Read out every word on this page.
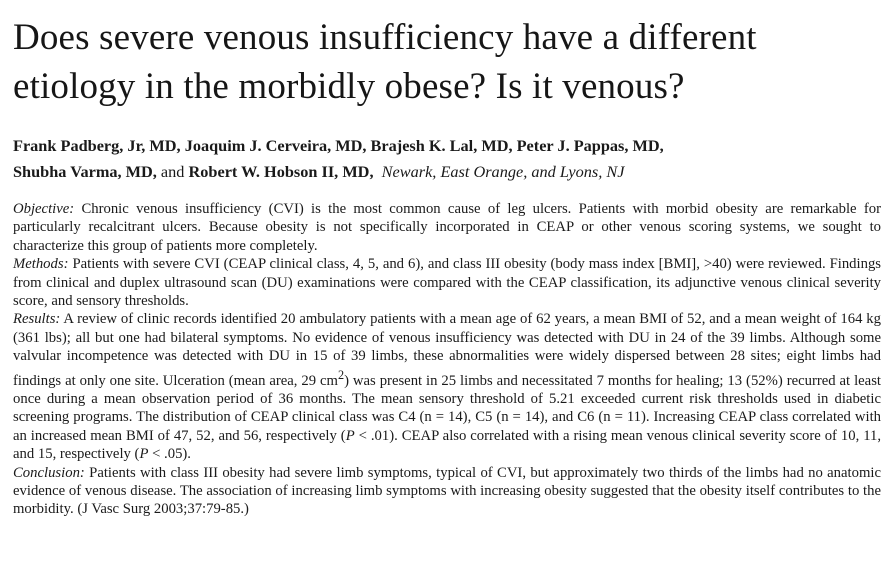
Does severe venous insufficiency have a different
etiology in the morbidly obese? Is it venous?
Frank Padberg, Jr, MD, Joaquim J. Cerveira, MD, Brajesh K. Lal, MD, Peter J. Pappas, MD,
Shubha Varma, MD, and Robert W. Hobson II, MD, Newark, East Orange, and Lyons, NJ

Objective: Chronic venous insufficiency (CVI) is the most common cause of leg ulcers. Patients with morbid obesity are remarkable for particularly recalcitrant ulcers. Because obesity is not specifically incorporated in CEAP or other venous scoring systems, we sought to characterize this group of patients more completely.

Methods: Patients with severe CVI (CEAP clinical class, 4, 5, and 6), and class III obesity (body mass index [BMI], >40) were reviewed. Findings from clinical and duplex ultrasound scan (DU) examinations were compared with the CEAP classification, its adjunctive venous clinical severity score, and sensory thresholds.

Results: A review of clinic records identified 20 ambulatory patients with a mean age of 62 years, a mean BMI of 52, and a mean weight of 164 kg (361 lbs); all but one had bilateral symptoms. No evidence of venous insufficiency was detected with DU in 24 of the 39 limbs. Although some valvular incompetence was detected with DU in 15 of 39 limbs, these abnormalities were widely dispersed between 28 sites; eight limbs had findings at only one site. Ulceration (mean area, 29 $cm^2$) was present in 25 limbs and necessitated 7 months for healing; 13 (52%) recurred at least once during a mean observation period of 36 months. The mean sensory threshold of 5.21 exceeded current risk thresholds used in diabetic screening programs. The distribution of CEAP clinical class was C4 (n = 14), C5 (n = 14), and C6 (n = 11). Increasing CEAP class correlated with an increased mean BMI of 47, 52, and 56, respectively (P < .01). CEAP also correlated with a rising mean venous clinical severity score of 10, 11, and 15, respectively (P < .05).

Conclusion: Patients with class III obesity had severe limb symptoms, typical of CVI, but approximately two thirds of the limbs had no anatomic evidence of venous disease. The association of increasing limb symptoms with increasing obesity suggested that the obesity itself contributes to the morbidity. (J Vasc Surg 2003;37:79-85.)
